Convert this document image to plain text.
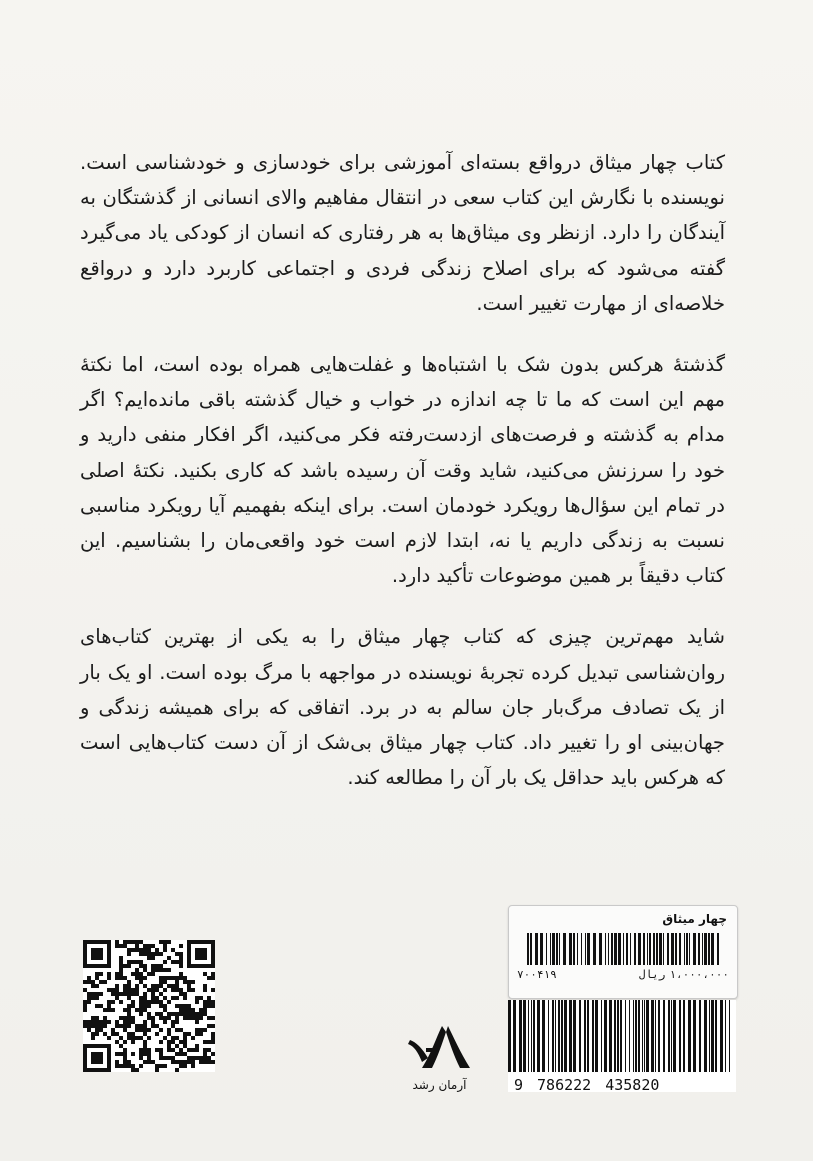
کتاب چهار میثاق درواقع بسته‌ای آموزشی برای خودسازی و خودشناسی است. نویسنده با نگارش این کتاب سعی در انتقال مفاهیم والای انسانی از گذشتگان به آیندگان را دارد. ازنظر وی میثاق‌ها به هر رفتاری که انسان از کودکی یاد می‌گیرد گفته می‌شود که برای اصلاح زندگی فردی و اجتماعی کاربرد دارد و درواقع خلاصه‌ای از مهارت تغییر است.

گذشتهٔ هرکس بدون شک با اشتباه‌ها و غفلت‌هایی همراه بوده است، اما نکتهٔ مهم این است که ما تا چه اندازه در خواب و خیال گذشته باقی مانده‌ایم؟ اگر مدام به گذشته و فرصت‌های ازدست‌رفته فکر می‌کنید، اگر افکار منفی دارید و خود را سرزنش می‌کنید، شاید وقت آن رسیده باشد که کاری بکنید. نکتهٔ اصلی در تمام این سؤال‌ها رویکرد خودمان است. برای اینکه بفهمیم آیا رویکرد مناسبی نسبت به زندگی داریم یا نه، ابتدا لازم است خود واقعی‌مان را بشناسیم. این کتاب دقیقاً بر همین موضوعات تأکید دارد.

شاید مهم‌ترین چیزی که کتاب چهار میثاق را به یکی از بهترین کتاب‌های روان‌شناسی تبدیل کرده تجربهٔ نویسنده در مواجهه با مرگ بوده است. او یک بار از یک تصادف مرگ‌بار جان سالم به در برد. اتفاقی که برای همیشه زندگی و جهان‌بینی او را تغییر داد. کتاب چهار میثاق بی‌شک از آن دست کتاب‌هایی است که هرکس باید حداقل یک بار آن را مطالعه کند.

آرمان رشد
چهار میثاق
۱،۰۰۰،۰۰۰
ریال
۷۰۰۴۱۹
9 786222 435820
